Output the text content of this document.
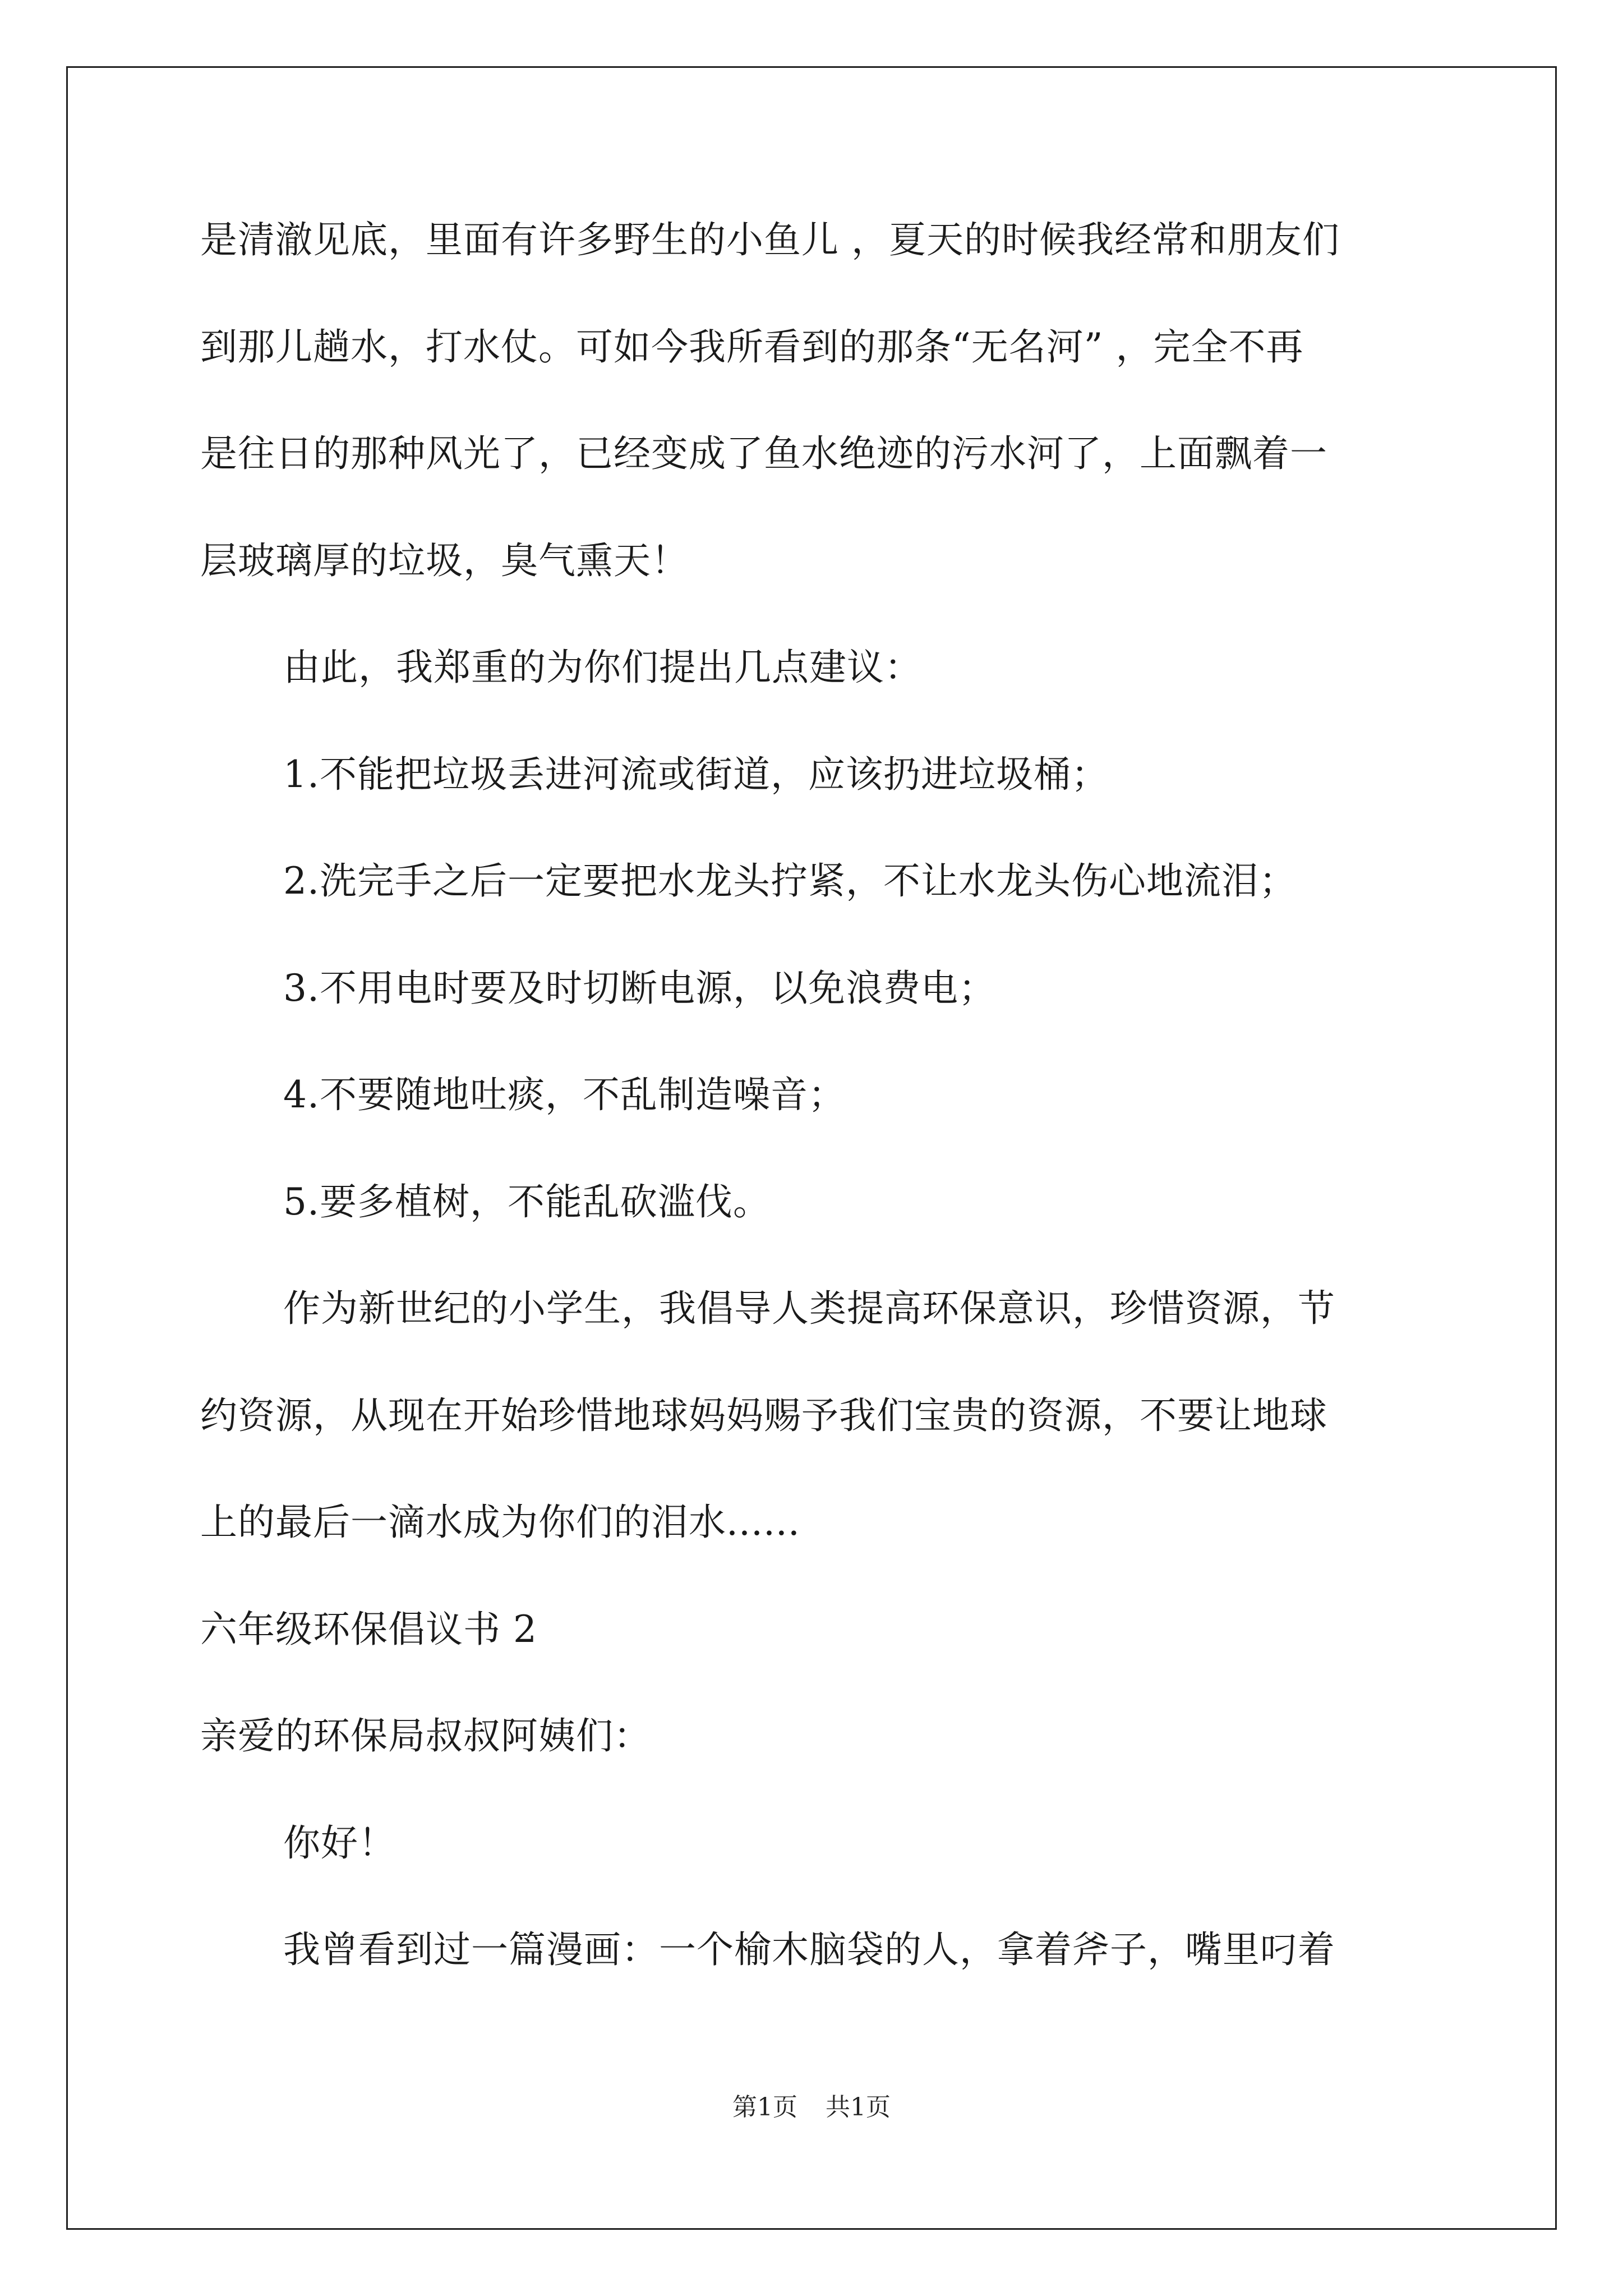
是清澈见底，里面有许多野生的小鱼儿 ，夏天的时候我经常和朋友们
到那儿趟水，打水仗。可如今我所看到的那条“无名河” ，完全不再
是往日的那种风光了，已经变成了鱼水绝迹的污水河了，上面飘着一
层玻璃厚的垃圾，臭气熏天！
由此，我郑重的为你们提出几点建议：
1.不能把垃圾丢进河流或街道，应该扔进垃圾桶；
2.洗完手之后一定要把水龙头拧紧，不让水龙头伤心地流泪；
3.不用电时要及时切断电源，以免浪费电；
4.不要随地吐痰，不乱制造噪音；
5.要多植树，不能乱砍滥伐。
作为新世纪的小学生，我倡导人类提高环保意识，珍惜资源，节
约资源，从现在开始珍惜地球妈妈赐予我们宝贵的资源，不要让地球
上的最后一滴水成为你们的泪水......
六年级环保倡议书 2
亲爱的环保局叔叔阿姨们：
你好！
我曾看到过一篇漫画：一个榆木脑袋的人，拿着斧子，嘴里叼着
第1页 共1页
